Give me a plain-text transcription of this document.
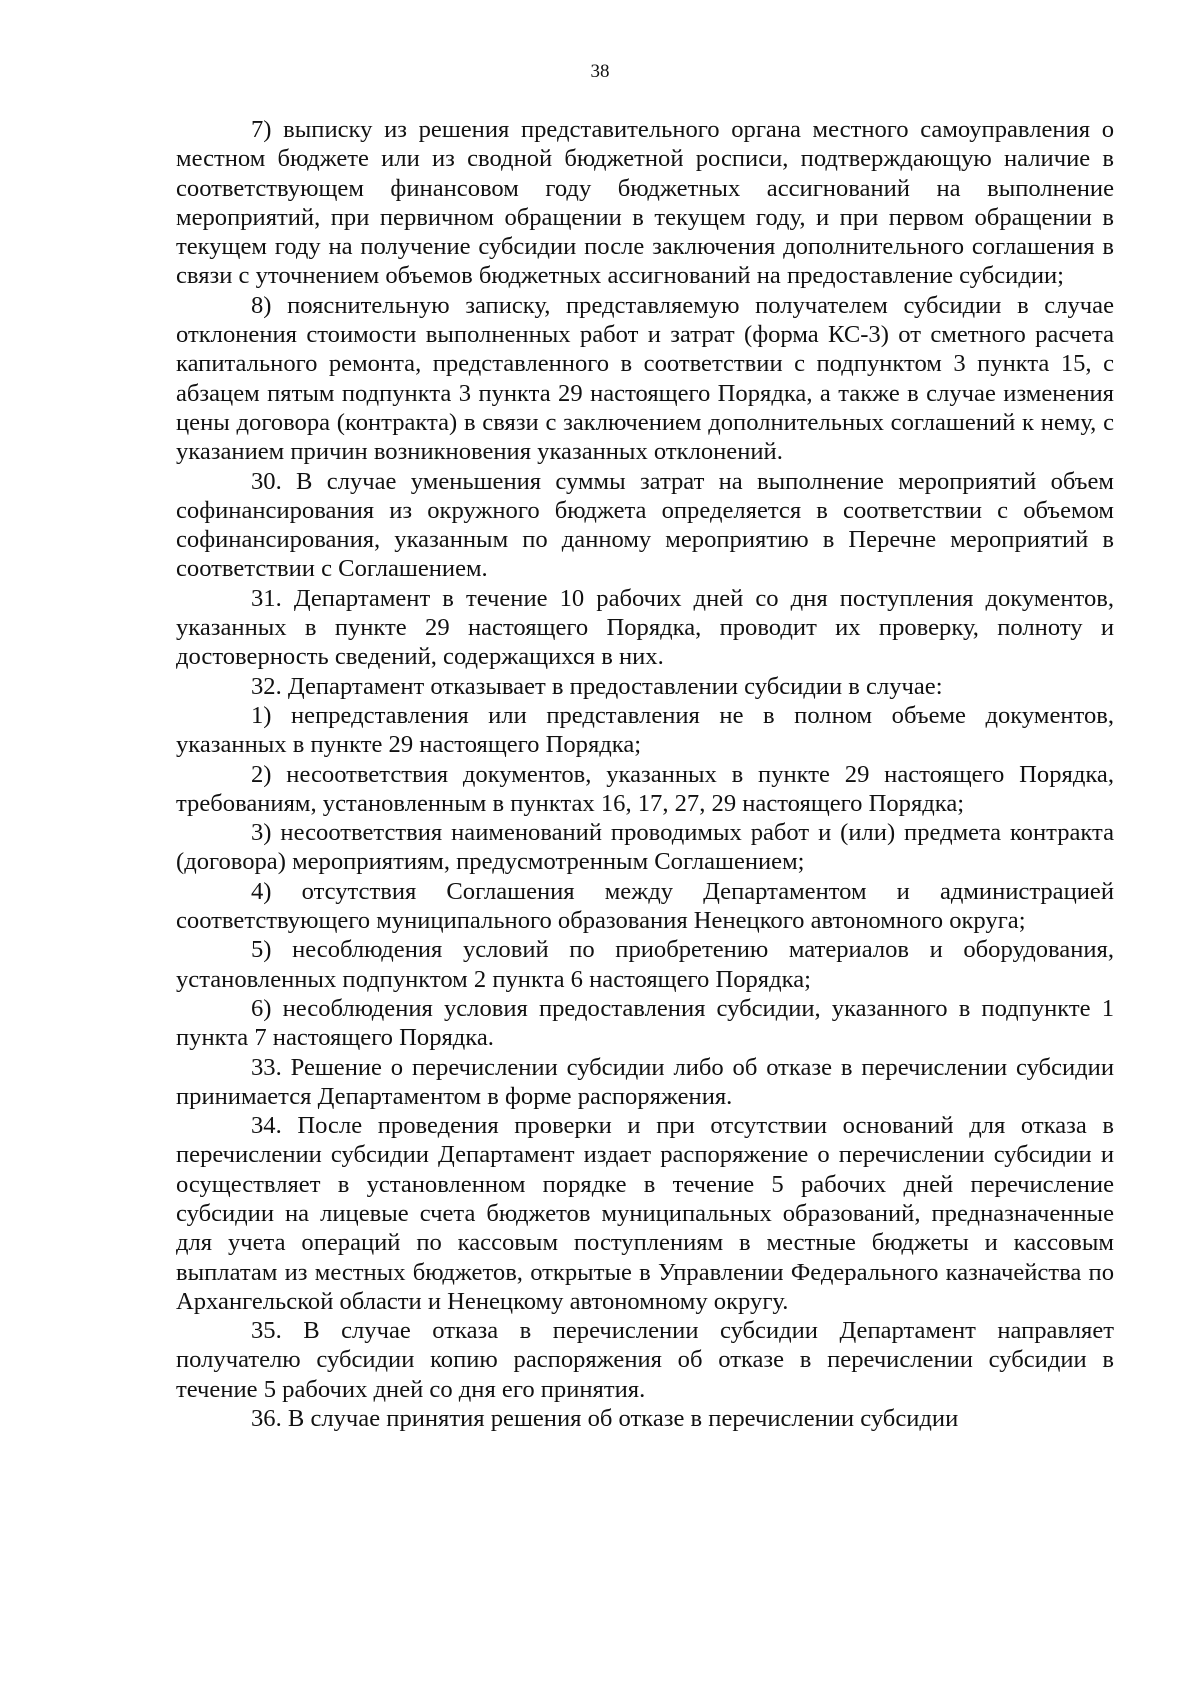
38

7) выписку из решения представительного органа местного самоуправления о местном бюджете или из сводной бюджетной росписи, подтверждающую наличие в соответствующем финансовом году бюджетных ассигнований на выполнение мероприятий, при первичном обращении в текущем году, и при первом обращении в текущем году на получение субсидии после заключения дополнительного соглашения в связи с уточнением объемов бюджетных ассигнований на предоставление субсидии;

8) пояснительную записку, представляемую получателем субсидии в случае отклонения стоимости выполненных работ и затрат (форма КС-3) от сметного расчета капитального ремонта, представленного в соответствии с подпунктом 3 пункта 15, с абзацем пятым подпункта 3 пункта 29 настоящего Порядка, а также в случае изменения цены договора (контракта) в связи с заключением дополнительных соглашений к нему, с указанием причин возникновения указанных отклонений.

30. В случае уменьшения суммы затрат на выполнение мероприятий объем софинансирования из окружного бюджета определяется в соответствии с объемом софинансирования, указанным по данному мероприятию в Перечне мероприятий в соответствии с Соглашением.

31. Департамент в течение 10 рабочих дней со дня поступления документов, указанных в пункте 29 настоящего Порядка, проводит их проверку, полноту и достоверность сведений, содержащихся в них.

32. Департамент отказывает в предоставлении субсидии в случае:

1) непредставления или представления не в полном объеме документов, указанных в пункте 29 настоящего Порядка;

2) несоответствия документов, указанных в пункте 29 настоящего Порядка, требованиям, установленным в пунктах 16, 17, 27, 29 настоящего Порядка;

3) несоответствия наименований проводимых работ и (или) предмета контракта (договора) мероприятиям, предусмотренным Соглашением;

4) отсутствия Соглашения между Департаментом и администрацией соответствующего муниципального образования Ненецкого автономного округа;

5) несоблюдения условий по приобретению материалов и оборудования, установленных подпунктом 2 пункта 6 настоящего Порядка;

6) несоблюдения условия предоставления субсидии, указанного в подпункте 1 пункта 7 настоящего Порядка.

33. Решение о перечислении субсидии либо об отказе в перечислении субсидии принимается Департаментом в форме распоряжения.

34. После проведения проверки и при отсутствии оснований для отказа в перечислении субсидии Департамент издает распоряжение о перечислении субсидии и осуществляет в установленном порядке в течение 5 рабочих дней перечисление субсидии на лицевые счета бюджетов муниципальных образований, предназначенные для учета операций по кассовым поступлениям в местные бюджеты и кассовым выплатам из местных бюджетов, открытые в Управлении Федерального казначейства по Архангельской области и Ненецкому автономному округу.

35. В случае отказа в перечислении субсидии Департамент направляет получателю субсидии копию распоряжения об отказе в перечислении субсидии в течение 5 рабочих дней со дня его принятия.

36. В случае принятия решения об отказе в перечислении субсидии
